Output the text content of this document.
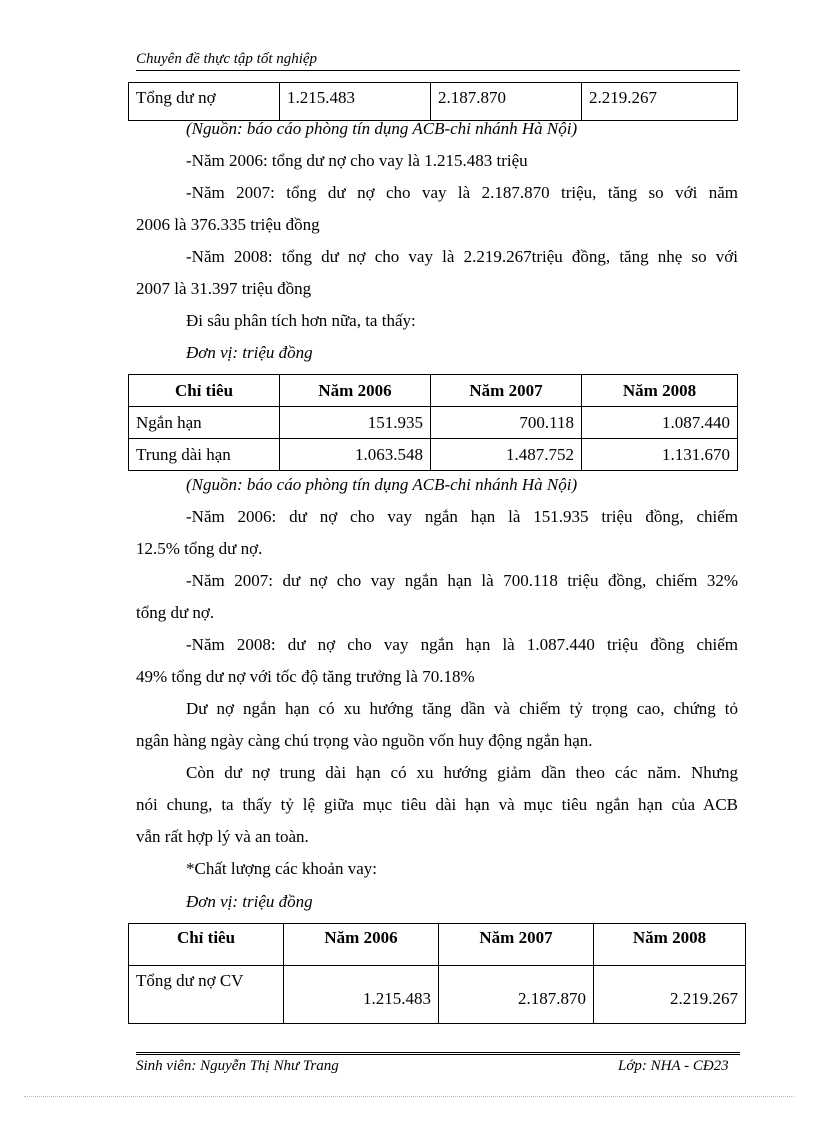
Chuyên đề thực tập tốt nghiệp
Tổng dư nợ	1.215.483	2.187.870	2.219.267
(Nguồn: báo cáo phòng tín dụng ACB-chi nhánh Hà Nội)
-Năm 2006: tổng dư nợ cho vay là 1.215.483 triệu
-Năm 2007: tổng dư nợ cho vay là 2.187.870 triệu, tăng so với năm
2006 là 376.335 triệu đồng
-Năm 2008: tổng dư nợ cho vay là 2.219.267triệu đồng, tăng nhẹ so với
2007 là 31.397 triệu đồng
Đi sâu phân tích hơn nữa, ta thấy:
Đơn vị: triệu đồng
Chỉ tiêu	Năm 2006	Năm 2007	Năm 2008
Ngắn hạn	151.935	700.118	1.087.440
Trung dài hạn	1.063.548	1.487.752	1.131.670
(Nguồn: báo cáo phòng tín dụng ACB-chi nhánh Hà Nội)
-Năm 2006: dư nợ cho vay ngắn hạn là 151.935 triệu đồng, chiếm
12.5% tổng dư nợ.
-Năm 2007: dư nợ cho vay ngắn hạn là 700.118 triệu đồng, chiếm 32%
tổng dư nợ.
-Năm 2008: dư nợ cho vay ngắn hạn là 1.087.440 triệu đồng chiếm
49% tổng dư nợ với tốc độ tăng trưởng là 70.18%
Dư nợ ngắn hạn có xu hướng tăng dần và chiếm tỷ trọng cao, chứng tỏ
ngân hàng ngày càng chú trọng vào nguồn vốn huy động ngắn hạn.
Còn dư nợ trung dài hạn có xu hướng giảm dần theo các năm. Nhưng
nói chung, ta thấy tỷ lệ giữa mục tiêu dài hạn và mục tiêu ngắn hạn của ACB
vẫn rất hợp lý và an toàn.
*Chất lượng các khoản vay:
Đơn vị: triệu đồng
Chỉ tiêu	Năm 2006	Năm 2007	Năm 2008
Tổng dư nợ CV	1.215.483	2.187.870	2.219.267
Sinh viên: Nguyễn Thị Như Trang	Lớp: NHA - CĐ23
